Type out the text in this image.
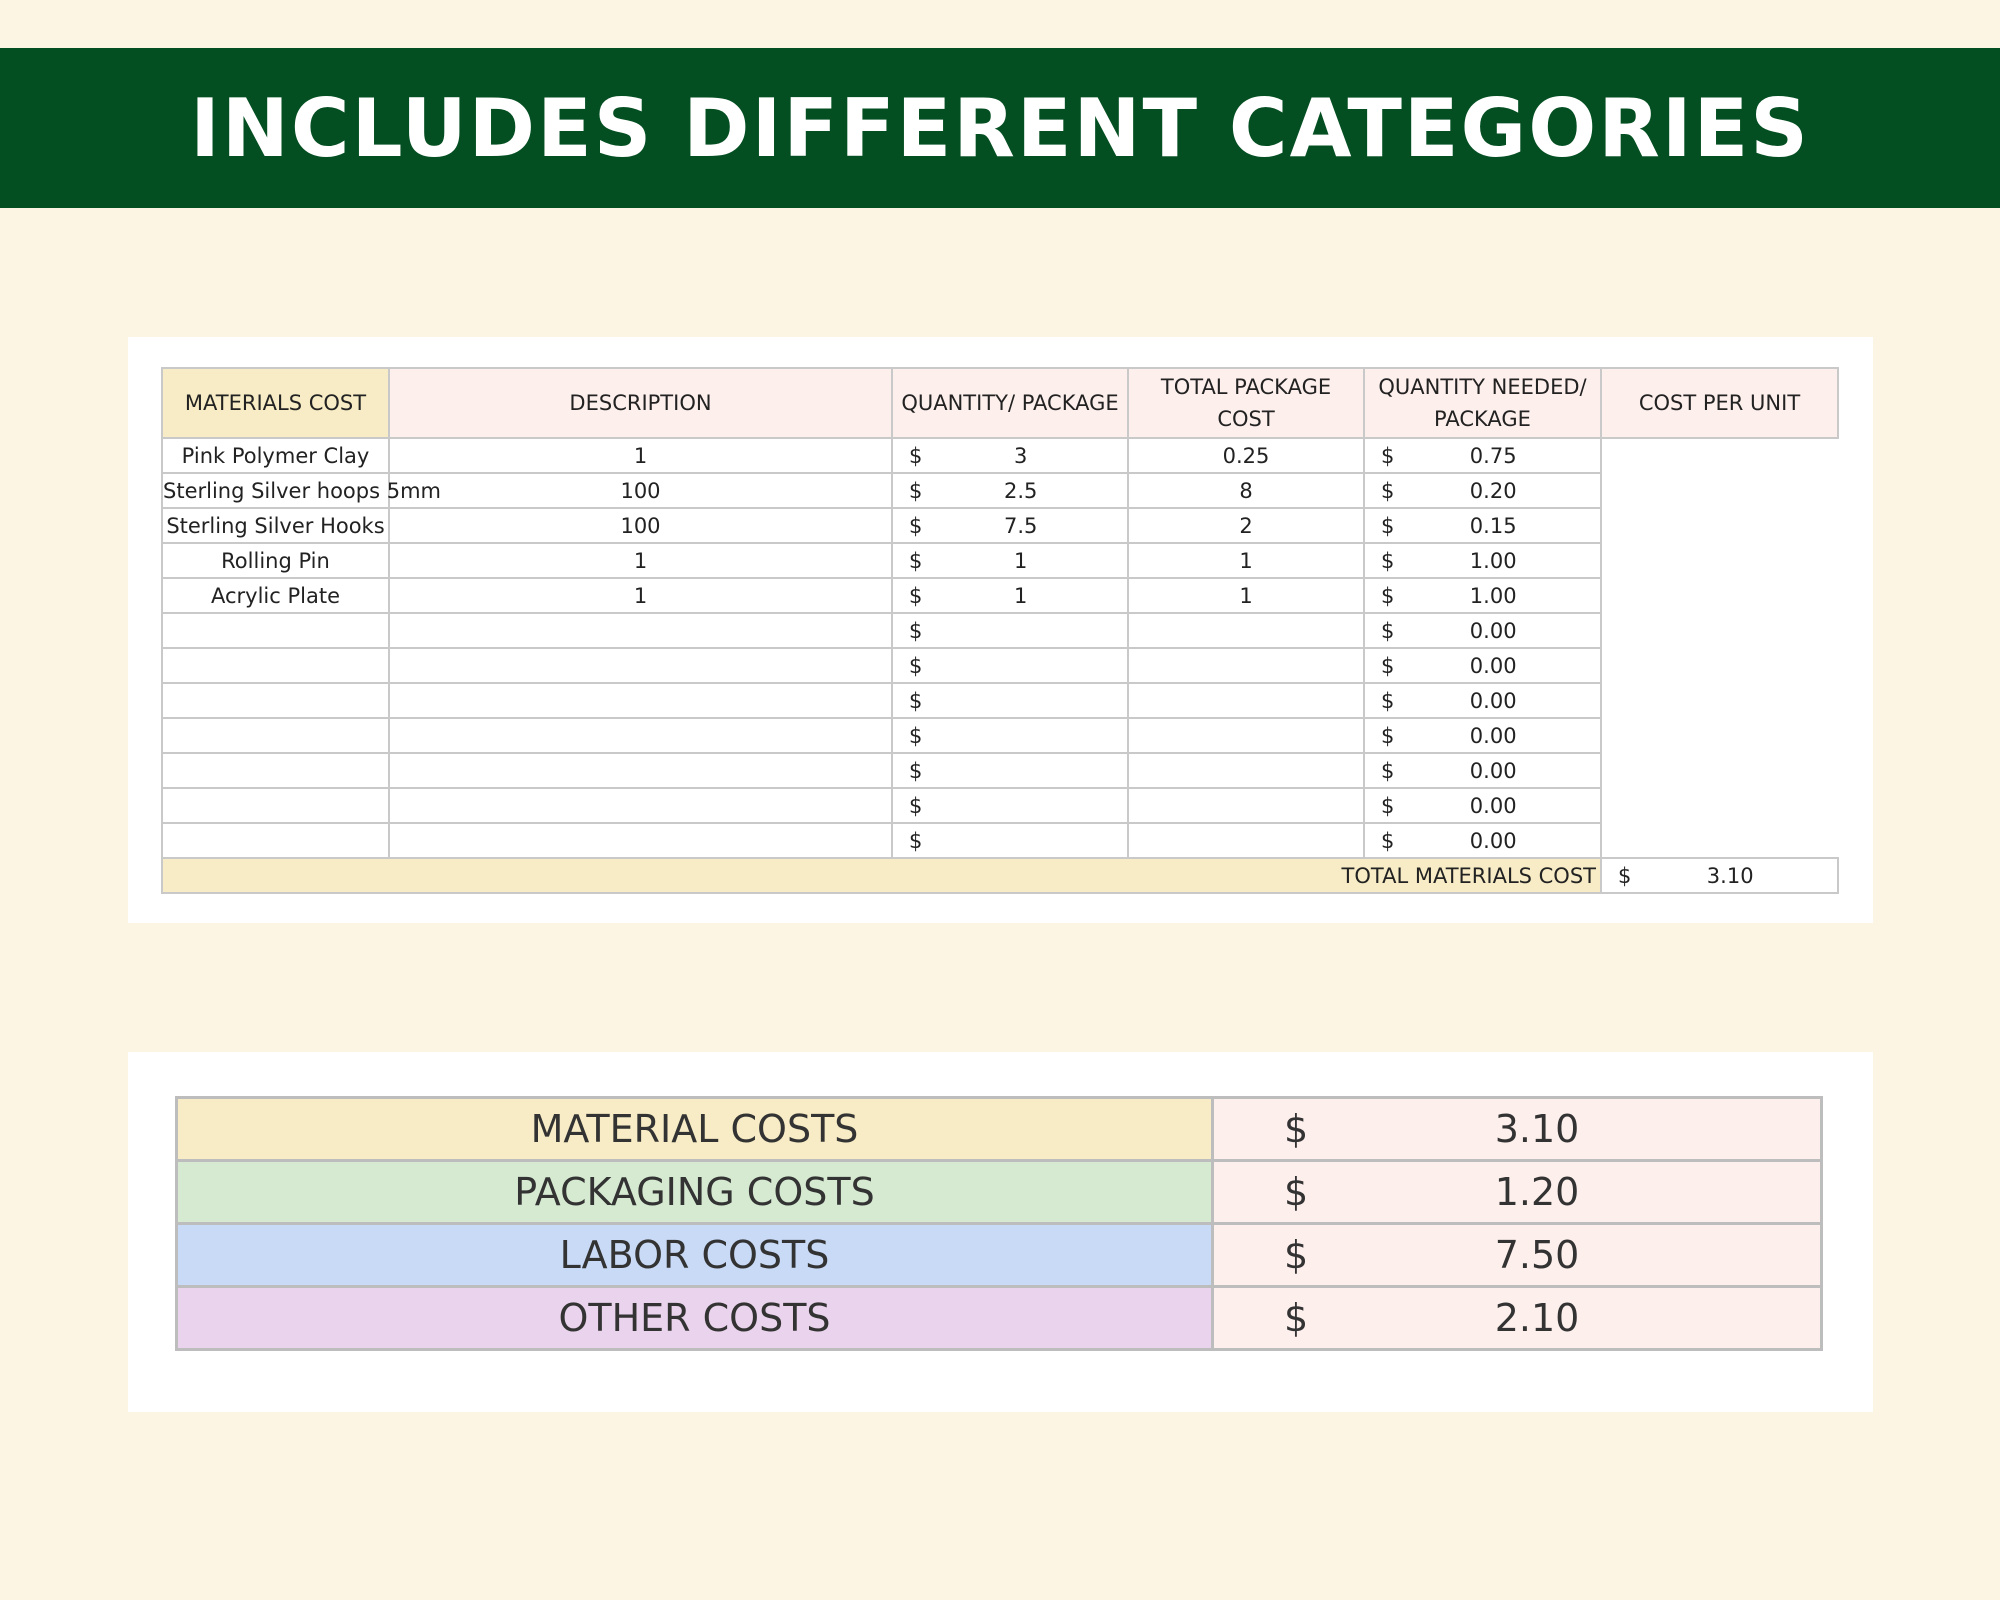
INCLUDES DIFFERENT CATEGORIES
MATERIALS COST	DESCRIPTION	QUANTITY/ PACKAGE	TOTAL PACKAGE COST	QUANTITY NEEDED/ PACKAGE	COST PER UNIT
Pink Polymer Clay	1	$ 3	0.25	$ 0.75	

Sterling Silver hoops 5mm	100	$ 2.5	8	$ 0.20	

Sterling Silver Hooks	100	$ 7.5	2	$ 0.15	

Rolling Pin	1	$ 1	1	$ 1.00	

Acrylic Plate	1	$ 1	1	$ 1.00	

		$		$ 0.00	

		$		$ 0.00	

		$		$ 0.00	

		$		$ 0.00	

		$		$ 0.00	

		$		$ 0.00	

		$		$ 0.00	

TOTAL MATERIALS COST					$ 3.10
MATERIAL COSTS	$ 3.10

PACKAGING COSTS	$ 1.20

LABOR COSTS	$ 7.50

OTHER COSTS	$ 2.10
